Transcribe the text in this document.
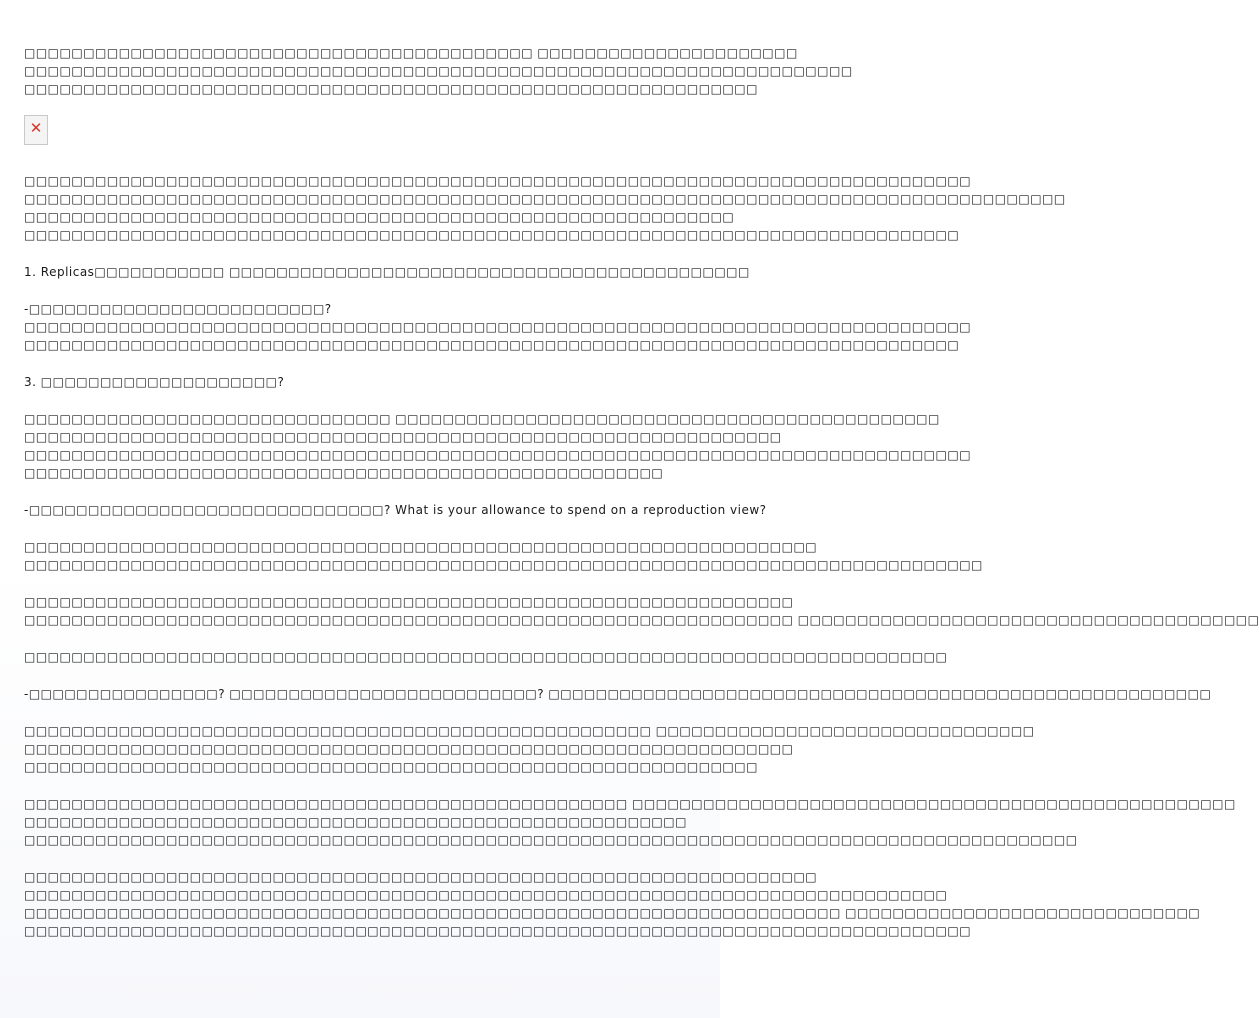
□□□□□□□□□□□□□□□□□□□□□□□□□□□□□□□□□□□□□□□□□□□ □□□□□□□□□□□□□□□□□□□□□□
□□□□□□□□□□□□□□□□□□□□□□□□□□□□□□□□□□□□□□□□□□□□□□□□□□□□□□□□□□□□□□□□□□□□□□
□□□□□□□□□□□□□□□□□□□□□□□□□□□□□□□□□□□□□□□□□□□□□□□□□□□□□□□□□□□□□□
✕
□□□□□□□□□□□□□□□□□□□□□□□□□□□□□□□□□□□□□□□□□□□□□□□□□□□□□□□□□□□□□□□□□□□□□□□□□□□□□□□□
□□□□□□□□□□□□□□□□□□□□□□□□□□□□□□□□□□□□□□□□□□□□□□□□□□□□□□□□□□□□□□□□□□□□□□□□□□□□□□□□□□□□□□□□
□□□□□□□□□□□□□□□□□□□□□□□□□□□□□□□□□□□□□□□□□□□□□□□□□□□□□□□□□□□□
□□□□□□□□□□□□□□□□□□□□□□□□□□□□□□□□□□□□□□□□□□□□□□□□□□□□□□□□□□□□□□□□□□□□□□□□□□□□□□□
1. Replicas□□□□□□□□□□□ □□□□□□□□□□□□□□□□□□□□□□□□□□□□□□□□□□□□□□□□□□□□
-□□□□□□□□□□□□□□□□□□□□□□□□□?
□□□□□□□□□□□□□□□□□□□□□□□□□□□□□□□□□□□□□□□□□□□□□□□□□□□□□□□□□□□□□□□□□□□□□□□□□□□□□□□□
□□□□□□□□□□□□□□□□□□□□□□□□□□□□□□□□□□□□□□□□□□□□□□□□□□□□□□□□□□□□□□□□□□□□□□□□□□□□□□□
3. □□□□□□□□□□□□□□□□□□□□?
□□□□□□□□□□□□□□□□□□□□□□□□□□□□□□□ □□□□□□□□□□□□□□□□□□□□□□□□□□□□□□□□□□□□□□□□□□□□□□
□□□□□□□□□□□□□□□□□□□□□□□□□□□□□□□□□□□□□□□□□□□□□□□□□□□□□□□□□□□□□□□□
□□□□□□□□□□□□□□□□□□□□□□□□□□□□□□□□□□□□□□□□□□□□□□□□□□□□□□□□□□□□□□□□□□□□□□□□□□□□□□□□
□□□□□□□□□□□□□□□□□□□□□□□□□□□□□□□□□□□□□□□□□□□□□□□□□□□□□□
-□□□□□□□□□□□□□□□□□□□□□□□□□□□□□□? What is your allowance to spend on a reproduction view?
□□□□□□□□□□□□□□□□□□□□□□□□□□□□□□□□□□□□□□□□□□□□□□□□□□□□□□□□□□□□□□□□□□□
□□□□□□□□□□□□□□□□□□□□□□□□□□□□□□□□□□□□□□□□□□□□□□□□□□□□□□□□□□□□□□□□□□□□□□□□□□□□□□□□□
□□□□□□□□□□□□□□□□□□□□□□□□□□□□□□□□□□□□□□□□□□□□□□□□□□□□□□□□□□□□□□□□□
□□□□□□□□□□□□□□□□□□□□□□□□□□□□□□□□□□□□□□□□□□□□□□□□□□□□□□□□□□□□□□□□□ □□□□□□□□□□□□□□□□□□□□□□□□□□□□□□□□□□□□□□□
□□□□□□□□□□□□□□□□□□□□□□□□□□□□□□□□□□□□□□□□□□□□□□□□□□□□□□□□□□□□□□□□□□□□□□□□□□□□□□
-□□□□□□□□□□□□□□□□? □□□□□□□□□□□□□□□□□□□□□□□□□□? □□□□□□□□□□□□□□□□□□□□□□□□□□□□□□□□□□□□□□□□□□□□□□□□□□□□□□□□
□□□□□□□□□□□□□□□□□□□□□□□□□□□□□□□□□□□□□□□□□□□□□□□□□□□□□ □□□□□□□□□□□□□□□□□□□□□□□□□□□□□□□□
□□□□□□□□□□□□□□□□□□□□□□□□□□□□□□□□□□□□□□□□□□□□□□□□□□□□□□□□□□□□□□□□□
□□□□□□□□□□□□□□□□□□□□□□□□□□□□□□□□□□□□□□□□□□□□□□□□□□□□□□□□□□□□□□
□□□□□□□□□□□□□□□□□□□□□□□□□□□□□□□□□□□□□□□□□□□□□□□□□□□ □□□□□□□□□□□□□□□□□□□□□□□□□□□□□□□□□□□□□□□□□□□□□□□□□□□
□□□□□□□□□□□□□□□□□□□□□□□□□□□□□□□□□□□□□□□□□□□□□□□□□□□□□□□□
□□□□□□□□□□□□□□□□□□□□□□□□□□□□□□□□□□□□□□□□□□□□□□□□□□□□□□□□□□□□□□□□□□□□□□□□□□□□□□□□□□□□□□□□□
□□□□□□□□□□□□□□□□□□□□□□□□□□□□□□□□□□□□□□□□□□□□□□□□□□□□□□□□□□□□□□□□□□□
□□□□□□□□□□□□□□□□□□□□□□□□□□□□□□□□□□□□□□□□□□□□□□□□□□□□□□□□□□□□□□□□□□□□□□□□□□□□□□
□□□□□□□□□□□□□□□□□□□□□□□□□□□□□□□□□□□□□□□□□□□□□□□□□□□□□□□□□□□□□□□□□□□□□ □□□□□□□□□□□□□□□□□□□□□□□□□□□□□□
□□□□□□□□□□□□□□□□□□□□□□□□□□□□□□□□□□□□□□□□□□□□□□□□□□□□□□□□□□□□□□□□□□□□□□□□□□□□□□□□
